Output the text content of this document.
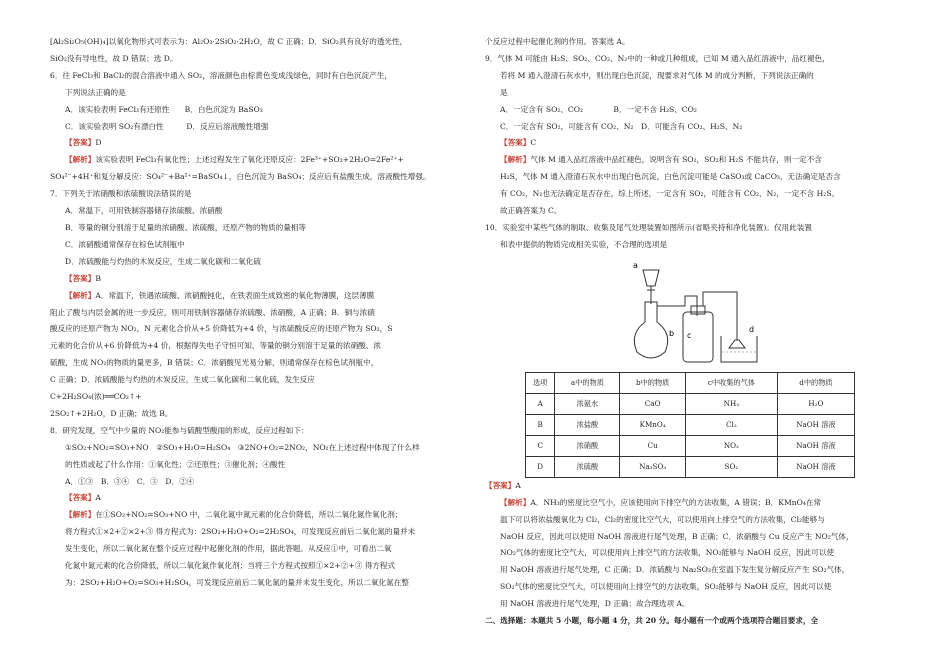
[Al₂Si₂O₅(OH)₄]以氧化物形式可表示为：Al₂O₃·2SiO₂·2H₂O，故 C 正确；D．SiO₂具有良好的透光性，

SiO₂没有导电性，故 D 错误；选 D。

6．往 FeCl₃和 BaCl₂的混合溶液中通入 SO₂，溶液颜色由棕黄色变成浅绿色，同时有白色沉淀产生，

下列说法正确的是

A．该实验表明 FeCl₃有还原性　　B．白色沉淀为 BaSO₃

C．该实验表明 SO₂有漂白性　　　D．反应后溶液酸性增强

【答案】D

【解析】该实验表明 FeCl₃有氧化性；上述过程发生了氧化还原反应：2Fe³⁺+SO₂+2H₂O=2Fe²⁺+

SO₄²⁻+4H⁺和复分解反应：SO₄²⁻+Ba²⁺=BaSO₄↓，白色沉淀为 BaSO₄；反应后有盐酸生成，溶液酸性增强。

7．下列关于浓硝酸和浓硫酸说法错误的是

A．常温下，可用铁制容器储存浓硫酸、浓硝酸

B．等量的铜分别溶于足量的浓硝酸、浓硫酸，还原产物的物质的量相等

C．浓硝酸通常保存在棕色试剂瓶中

D．浓硫酸能与灼热的木炭反应，生成二氧化碳和二氧化硫

【答案】B

【解析】A．常温下，铁遇浓硫酸、浓硝酸钝化，在铁表面生成致密的氧化物薄膜，这层薄膜

阻止了酸与内层金属的进一步反应，则可用铁制容器储存浓硫酸、浓硝酸，A 正确；B．铜与浓硝

酸反应的还原产物为 NO₂，N 元素化合价从+5 价降低为+4 价，与浓硫酸反应的还原产物为 SO₂，S

元素的化合价从+6 价降低为+4 价，根据得失电子守恒可知，等量的铜分别溶于足量的浓硝酸、浓

硫酸，生成 NO₂的物质的量更多，B 错误；C．浓硝酸见光易分解，则通常保存在棕色试剂瓶中，

C 正确；D．浓硫酸能与灼热的木炭反应，生成二氧化碳和二氧化硫，发生反应

C+2H₂SO₄(浓)══CO₂↑+

2SO₂↑+2H₂O，D 正确；故选 B。

8．研究发现，空气中少量的 NO₂能参与硫酸型酸雨的形成，反应过程如下：

①SO₂+NO₂=SO₃+NO　②SO₃+H₂O=H₂SO₄　③2NO+O₂=2NO₂，NO₂在上述过程中体现了什么样

的性质或起了什么作用：①氧化性；②还原性；③催化剂；④酸性

A．①③　B．③④　C．③　D．②④

【答案】A

【解析】在①SO₂+NO₂=SO₃+NO 中，二氧化氮中氮元素的化合价降低，所以二氧化氮作氧化剂；

将方程式①×2+②×2+③ 得方程式为：2SO₂+H₂O+O₂=2H₂SO₄，可发现反应前后二氧化氮的量并未

发生变化，所以二氧化氮在整个反应过程中起催化剂的作用，据此答题。从反应①中，可看出二氧

化氮中氮元素的化合价降低，所以二氧化氮作氧化剂；当将三个方程式按照①×2+②+③ 得方程式

为：2SO₂+H₂O+O₂=SO₃+H₂SO₄，可发现反应前后二氧化氮的量并未发生变化，所以二氧化氮在整

个反应过程中起催化剂的作用。答案选 A。

9．气体 M 可能由 H₂S、SO₂、CO₂、N₂中的一种或几种组成，已知 M 通入品红溶液中，品红褪色，

若将 M 通入澄清石灰水中，则出现白色沉淀，现要求对气体 M 的成分判断，下列说法正确的

是

A．一定含有 SO₂、CO₂　　　　B．一定不含 H₂S、CO₂

C．一定含有 SO₂，可能含有 CO₂、N₂　D．可能含有 CO₂、H₂S、N₂

【答案】C

【解析】气体 M 通入品红溶液中品红褪色，说明含有 SO₂，SO₂和 H₂S 不能共存，则一定不含

H₂S，气体 M 通入澄清石灰水中出现白色沉淀，白色沉淀可能是 CaSO₃或 CaCO₃，无法确定是否含

有 CO₂，N₂也无法确定是否存在，综上所述，一定含有 SO₂，可能含有 CO₂、N₂，一定不含 H₂S。

故正确答案为 C。

10．实验室中某些气体的制取、收集及尾气处理装置如图所示(省略夹持和净化装置)。仅用此装置

和表中提供的物质完成相关实验，不合理的选项是

a
b c
d
选项	a中的物质	b中的物质	c中收集的气体	d中的物质
A	浓氨水	CaO	NH₃	H₂O
B	浓盐酸	KMnO₄	Cl₂	NaOH 溶液
C	浓硝酸	Cu	NO₂	NaOH 溶液
D	浓硫酸	Na₂SO₃	SO₂	NaOH 溶液

【答案】A

【解析】A．NH₃的密度比空气小，应该使用向下排空气的方法收集，A 错误；B．KMnO₄在常

温下可以将浓盐酸氧化为 Cl₂，Cl₂的密度比空气大，可以使用向上排空气的方法收集，Cl₂能够与

NaOH 反应，因此可以使用 NaOH 溶液进行尾气处理，B 正确；C．浓硝酸与 Cu 反应产生 NO₂气体，

NO₂气体的密度比空气大，可以使用向上排空气的方法收集，NO₂能够与 NaOH 反应，因此可以使

用 NaOH 溶液进行尾气处理，C 正确；D．浓硫酸与 Na₂SO₃在室温下发生复分解反应产生 SO₂气体，

SO₂气体的密度比空气大，可以使用向上排空气的方法收集，SO₂能够与 NaOH 反应，因此可以使

用 NaOH 溶液进行尾气处理，D 正确；故合理选项 A。

二、选择题：本题共 5 小题，每小题 4 分，共 20 分。每小题有一个或两个选项符合题目要求，全
